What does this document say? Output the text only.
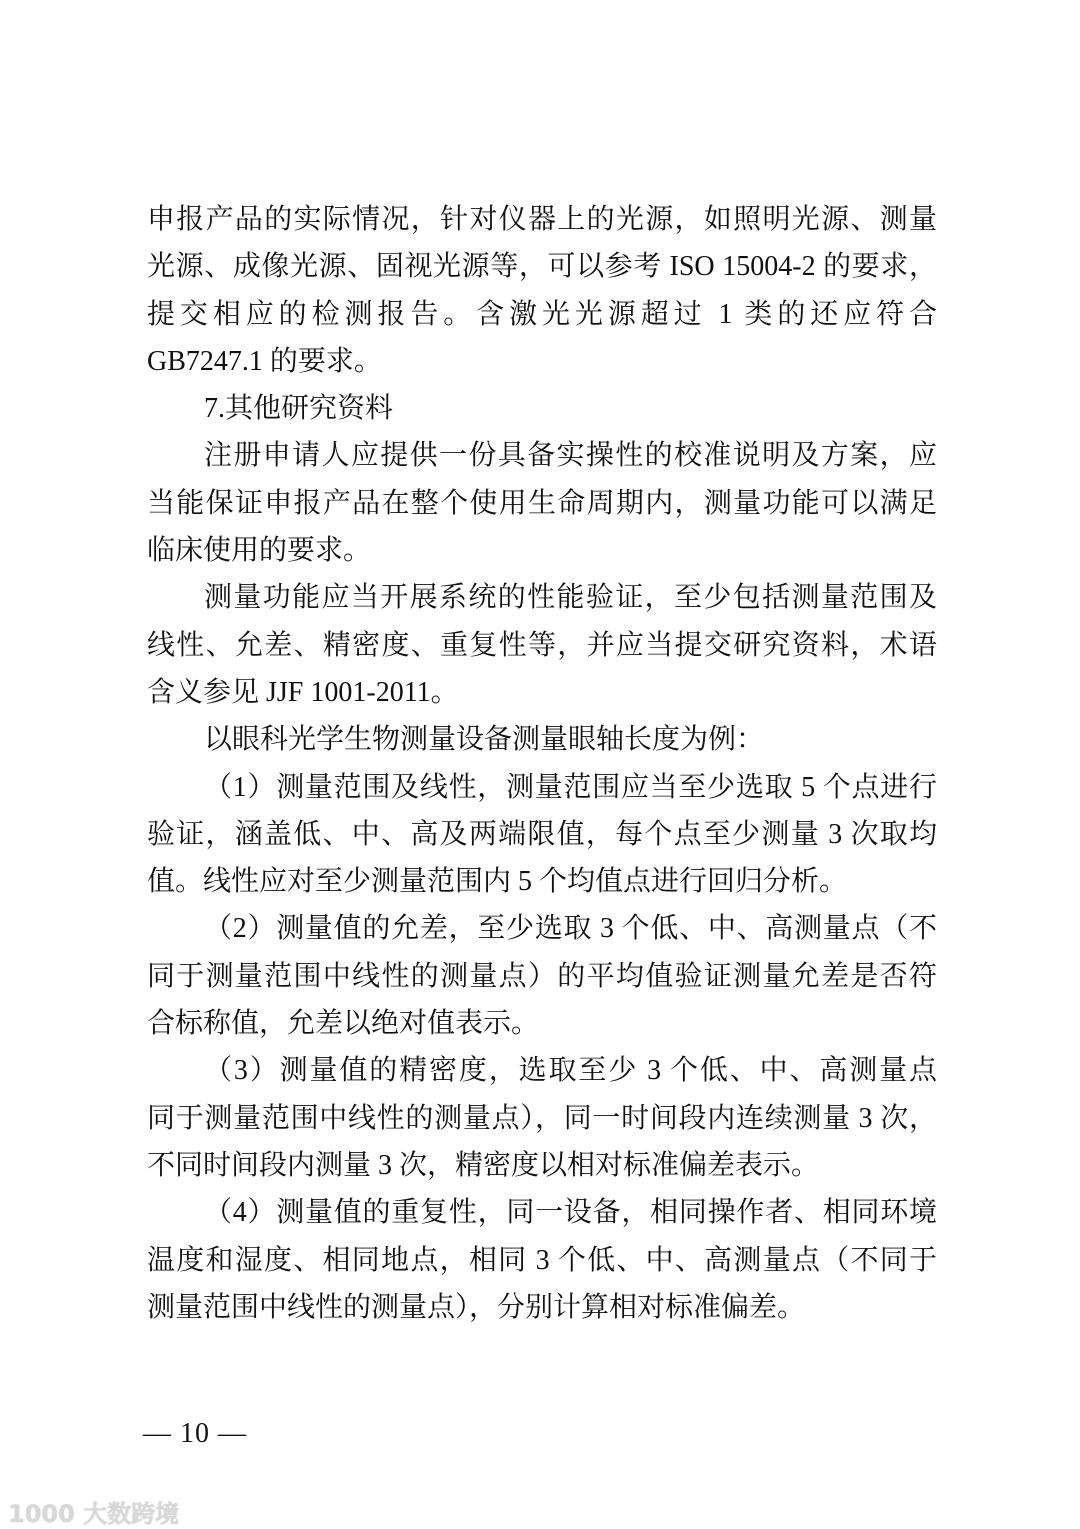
申报产品的实际情况，针对仪器上的光源，如照明光源、测量
光源、成像光源、固视光源等，可以参考 ISO 15004-2 的要求，
提交相应的检测报告。含激光光源超过 1 类的还应符合
GB7247.1 的要求。
7.其他研究资料
注册申请人应提供一份具备实操性的校准说明及方案，应
当能保证申报产品在整个使用生命周期内，测量功能可以满足
临床使用的要求。
测量功能应当开展系统的性能验证，至少包括测量范围及
线性、允差、精密度、重复性等，并应当提交研究资料，术语
含义参见 JJF 1001-2011。
以眼科光学生物测量设备测量眼轴长度为例：
（1）测量范围及线性，测量范围应当至少选取 5 个点进行
验证，涵盖低、中、高及两端限值，每个点至少测量 3 次取均
值。线性应对至少测量范围内 5 个均值点进行回归分析。
（2）测量值的允差，至少选取 3 个低、中、高测量点（不
同于测量范围中线性的测量点）的平均值验证测量允差是否符
合标称值，允差以绝对值表示。
（3）测量值的精密度，选取至少 3 个低、中、高测量点
同于测量范围中线性的测量点），同一时间段内连续测量 3 次，
不同时间段内测量 3 次，精密度以相对标准偏差表示。
（4）测量值的重复性，同一设备，相同操作者、相同环境
温度和湿度、相同地点，相同 3 个低、中、高测量点（不同于
测量范围中线性的测量点），分别计算相对标准偏差。
— 10 —
1000 大数跨境
